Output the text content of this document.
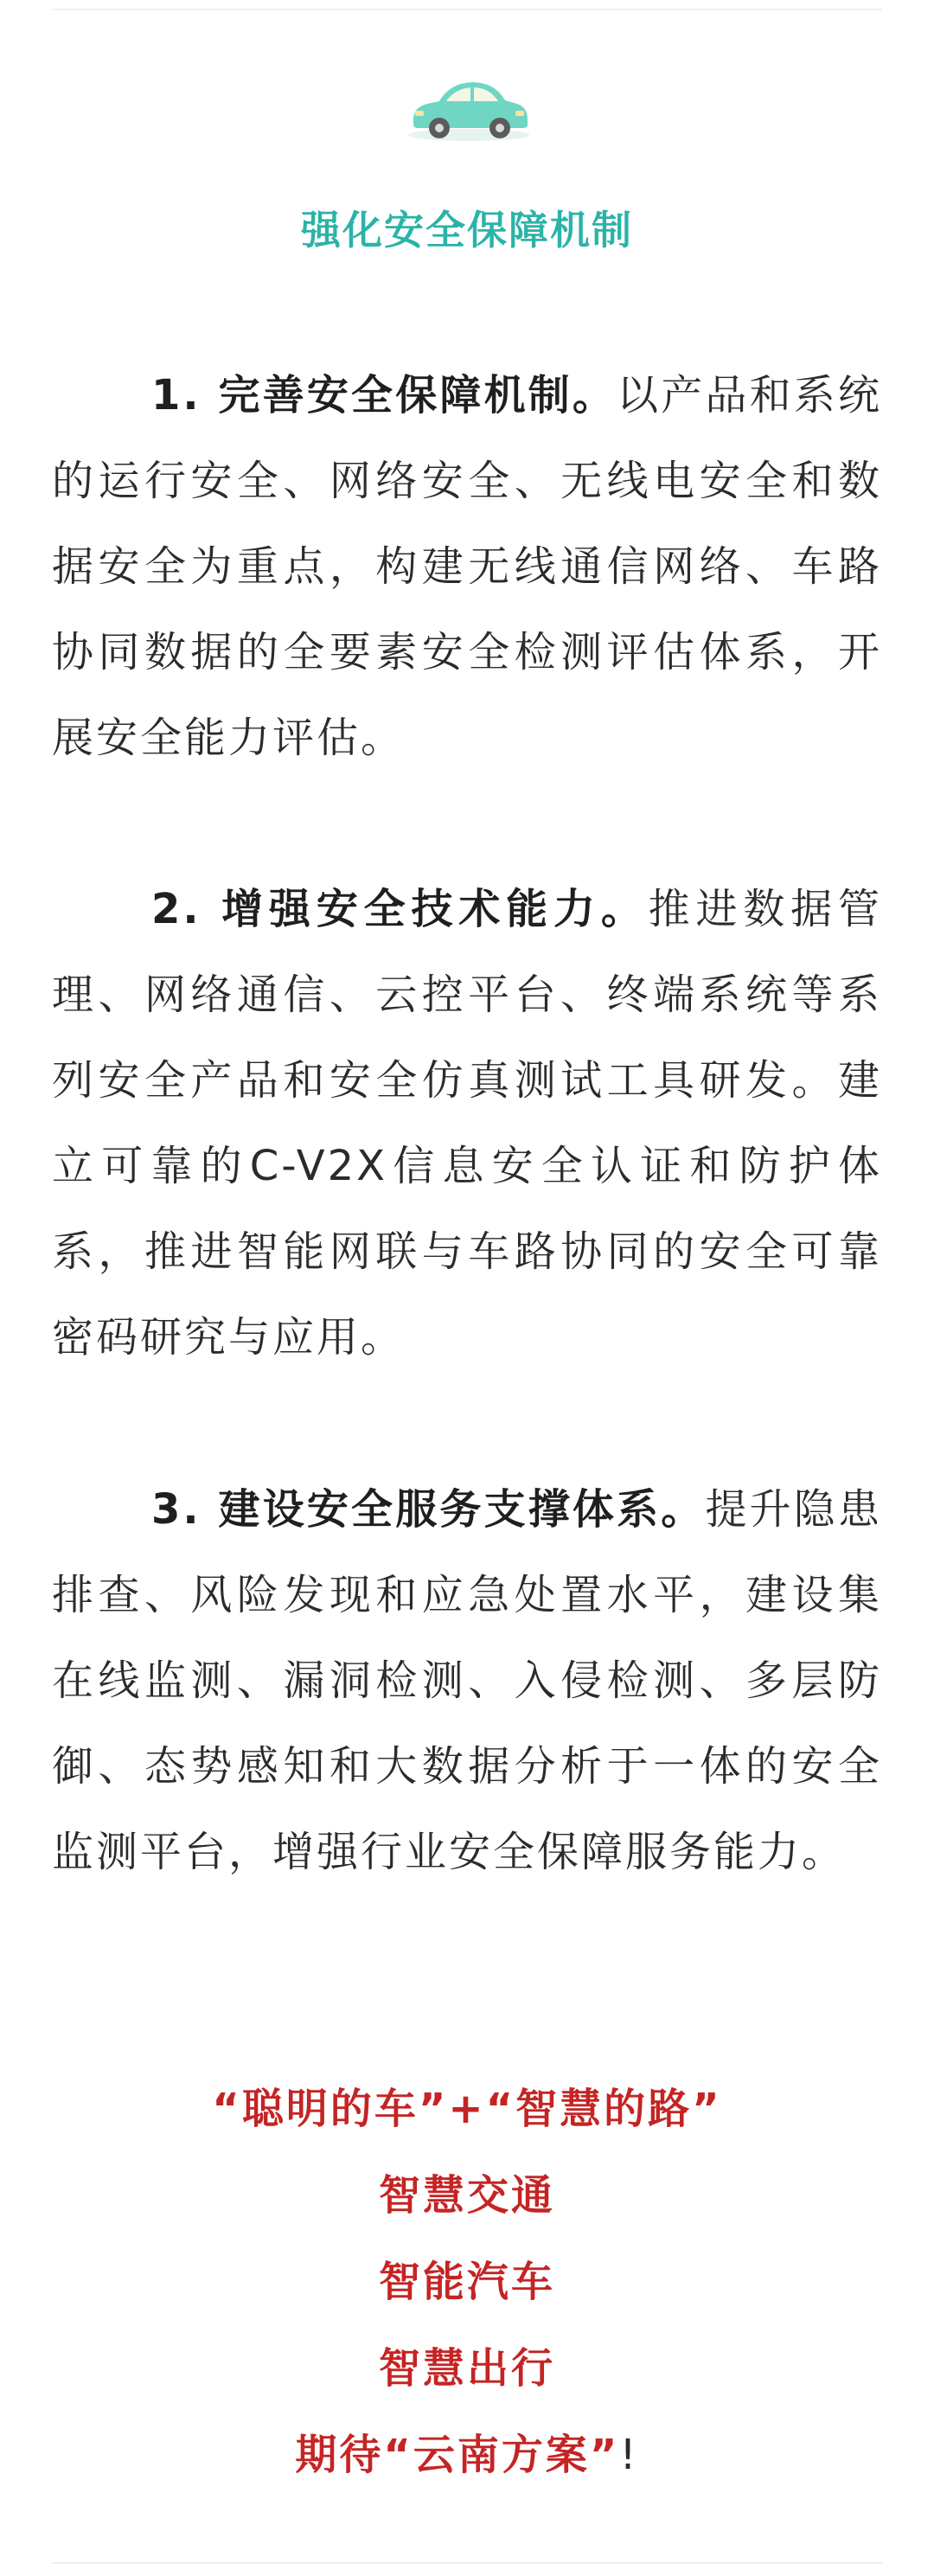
强化安全保障机制
1. 完善安全保障机制。以产品和系统的运行安全、网络安全、无线电安全和数据安全为重点，构建无线通信网络、车路协同数据的全要素安全检测评估体系，开展安全能力评估。
2. 增强安全技术能力。推进数据管理、网络通信、云控平台、终端系统等系列安全产品和安全仿真测试工具研发。建立可靠的C-V2X信息安全认证和防护体系，推进智能网联与车路协同的安全可靠密码研究与应用。
3. 建设安全服务支撑体系。提升隐患排查、风险发现和应急处置水平，建设集在线监测、漏洞检测、入侵检测、多层防御、态势感知和大数据分析于一体的安全监测平台，增强行业安全保障服务能力。
“聪明的车”+“智慧的路”
智慧交通
智能汽车
智慧出行
期待“云南方案”!
